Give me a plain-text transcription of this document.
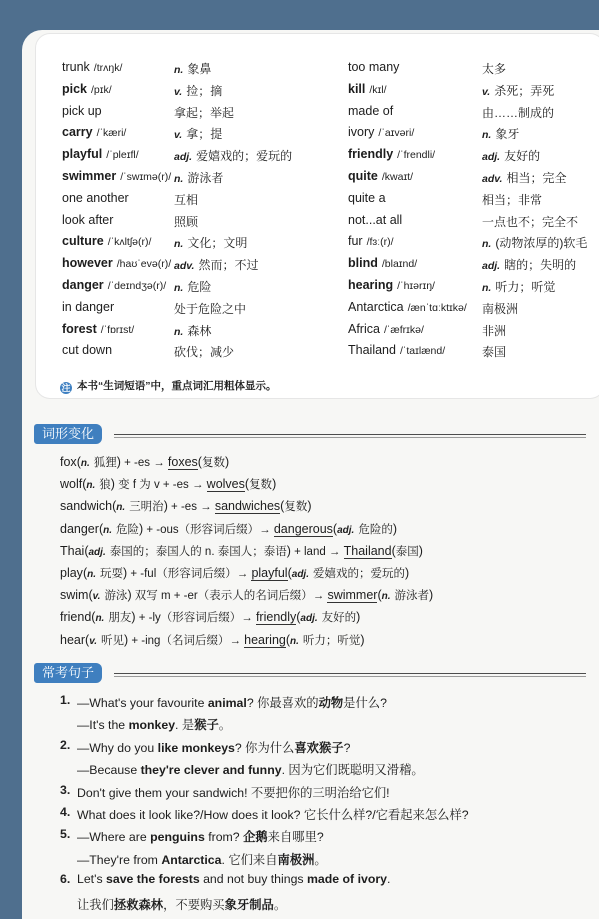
trunk /trʌŋk/	n. 象鼻
pick /pɪk/	v. 捡；摘
pick up	拿起；举起
carry /ˈkæri/	v. 拿；提
playful /ˈpleɪfl/	adj. 爱嬉戏的；爱玩的
swimmer /ˈswɪmə(r)/ n. 游泳者
one another	互相
look after	照顾
culture /ˈkʌltʃə(r)/ n. 文化；文明
however /haʊˈevə(r)/ adv. 然而；不过
danger /ˈdeɪndʒə(r)/ n. 危险
in danger	处于危险之中
forest /ˈfɒrɪst/	n. 森林
cut down	砍伐；减少
too many	太多
kill /kɪl/	v. 杀死；弄死
made of	由……制成的
ivory /ˈaɪvəri/	n. 象牙
friendly /ˈfrendli/	adj. 友好的
quite /kwaɪt/	adv. 相当；完全
quite a	相当；非常
not...at all	一点也不；完全不
fur /fɜː(r)/	n. (动物浓厚的)软毛
blind /blaɪnd/	adj. 瞎的；失明的
hearing /ˈhɪərɪŋ/	n. 听力；听觉
Antarctica /ænˈtɑːktɪkə/ 南极洲
Africa /ˈæfrɪkə/	非洲
Thailand /ˈtaɪlænd/	泰国
注 本书“生词短语”中，重点词汇用粗体显示。
词形变化
fox(n. 狐狸) + -es → foxes(复数)
wolf(n. 狼) 变 f 为 v + -es → wolves(复数)
sandwich(n. 三明治) + -es → sandwiches(复数)
danger(n. 危险) + -ous（形容词后缀）→ dangerous(adj. 危险的)
Thai(adj. 泰国的；泰国人的 n. 泰国人；泰语) + land → Thailand(泰国)
play(n. 玩耍) + -ful（形容词后缀）→ playful(adj. 爱嬉戏的；爱玩的)
swim(v. 游泳) 双写 m + -er（表示人的名词后缀）→ swimmer(n. 游泳者)
friend(n. 朋友) + -ly（形容词后缀）→ friendly(adj. 友好的)
hear(v. 听见) + -ing（名词后缀）→ hearing(n. 听力；听觉)
常考句子
1. —What's your favourite animal? 你最喜欢的动物是什么?
—It's the monkey. 是猴子。
2. —Why do you like monkeys? 你为什么喜欢猴子?
—Because they're clever and funny. 因为它们既聪明又滑稽。
3. Don't give them your sandwich! 不要把你的三明治给它们!
4. What does it look like?/How does it look? 它长什么样?/它看起来怎么样?
5. —Where are penguins from? 企鹅来自哪里?
—They're from Antarctica. 它们来自南极洲。
6. Let's save the forests and not buy things made of ivory.
让我们拯救森林，不要购买象牙制品。
